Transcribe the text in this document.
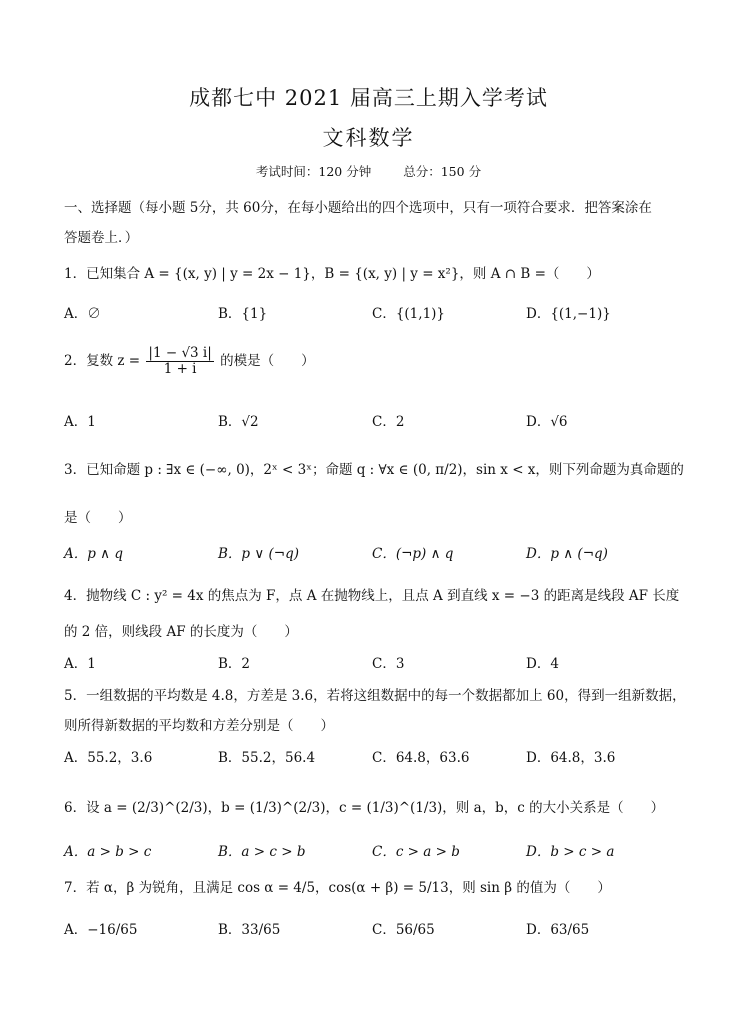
成都七中 2021 届高三上期入学考试
文科数学
考试时间：120 分钟	总分：150 分
一、选择题（每小题 5分，共 60分，在每小题给出的四个选项中，只有一项符合要求．把答案涂在
答题卷上．）
1．已知集合 A = {(x, y) | y = 2x − 1}，B = {(x, y) | y = x²}，则 A ∩ B =（　　）
A．∅	B．{1}	C．{(1,1)}	D．{(1,−1)}
2．复数 $z = \frac{|1 - √3 i|}{1 + i}$ 的模是（　　）
A．1	B．√2	C．2	D．√6
3．已知命题 p : ∃x ∈ (−∞, 0)，2ˣ < 3ˣ；命题 q : ∀x ∈ (0, π/2)，sin x < x，则下列命题为真命题的
是（　　）
A．p ∧ q	B．p ∨ (¬q)	C．(¬p) ∧ q	D．p ∧ (¬q)
4．抛物线 C : y² = 4x 的焦点为 F，点 A 在抛物线上，且点 A 到直线 x = −3 的距离是线段 AF 长度
的 2 倍，则线段 AF 的长度为（　　）
A．1	B．2	C．3	D．4
5．一组数据的平均数是 4.8，方差是 3.6，若将这组数据中的每一个数据都加上 60，得到一组新数据，
则所得新数据的平均数和方差分别是（　　）
A．55.2，3.6	B．55.2，56.4	C．64.8，63.6	D．64.8，3.6
6．设 a = (2/3)^(2/3)，b = (1/3)^(2/3)，c = (1/3)^(1/3)，则 a，b，c 的大小关系是（　　）
A．a > b > c	B．a > c > b	C．c > a > b	D．b > c > a
7．若 α，β 为锐角，且满足 cos α = 4/5，cos(α + β) = 5/13，则 sin β 的值为（　　）
A．−16/65	B．33/65	C．56/65	D．63/65
